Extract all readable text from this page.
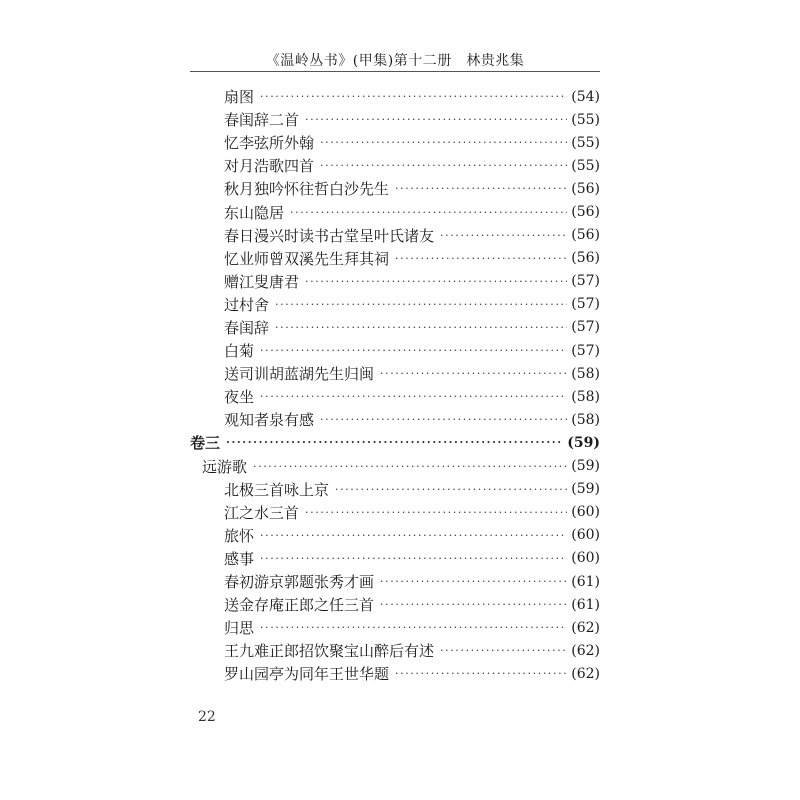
《温岭丛书》(甲集)第十二册　林贵兆集
扇图 ·····	(54)
春闺辞二首 ·····	(55)
忆李弦所外翰 ·····	(55)
对月浩歌四首 ·····	(55)
秋月独吟怀往哲白沙先生 ·····	(56)
东山隐居 ·····	(56)
春日漫兴时读书古堂呈叶氏诸友 ·····	(56)
忆业师曾双溪先生拜其祠 ·····	(56)
赠江叟唐君 ·····	(57)
过村舍 ·····	(57)
春闺辞 ·····	(57)
白菊 ·····	(57)
送司训胡蓝湖先生归闽 ·····	(58)
夜坐 ·····	(58)
观知者泉有感 ·····	(58)
卷三 ·····	(59)
远游歌 ·····	(59)
北极三首咏上京 ·····	(59)
江之水三首 ·····	(60)
旅怀 ·····	(60)
感事 ·····	(60)
春初游京郭题张秀才画 ·····	(61)
送金存庵正郎之任三首 ·····	(61)
归思 ·····	(62)
王九难正郎招饮聚宝山醉后有述 ·····	(62)
罗山园亭为同年王世华题 ·····	(62)
22
